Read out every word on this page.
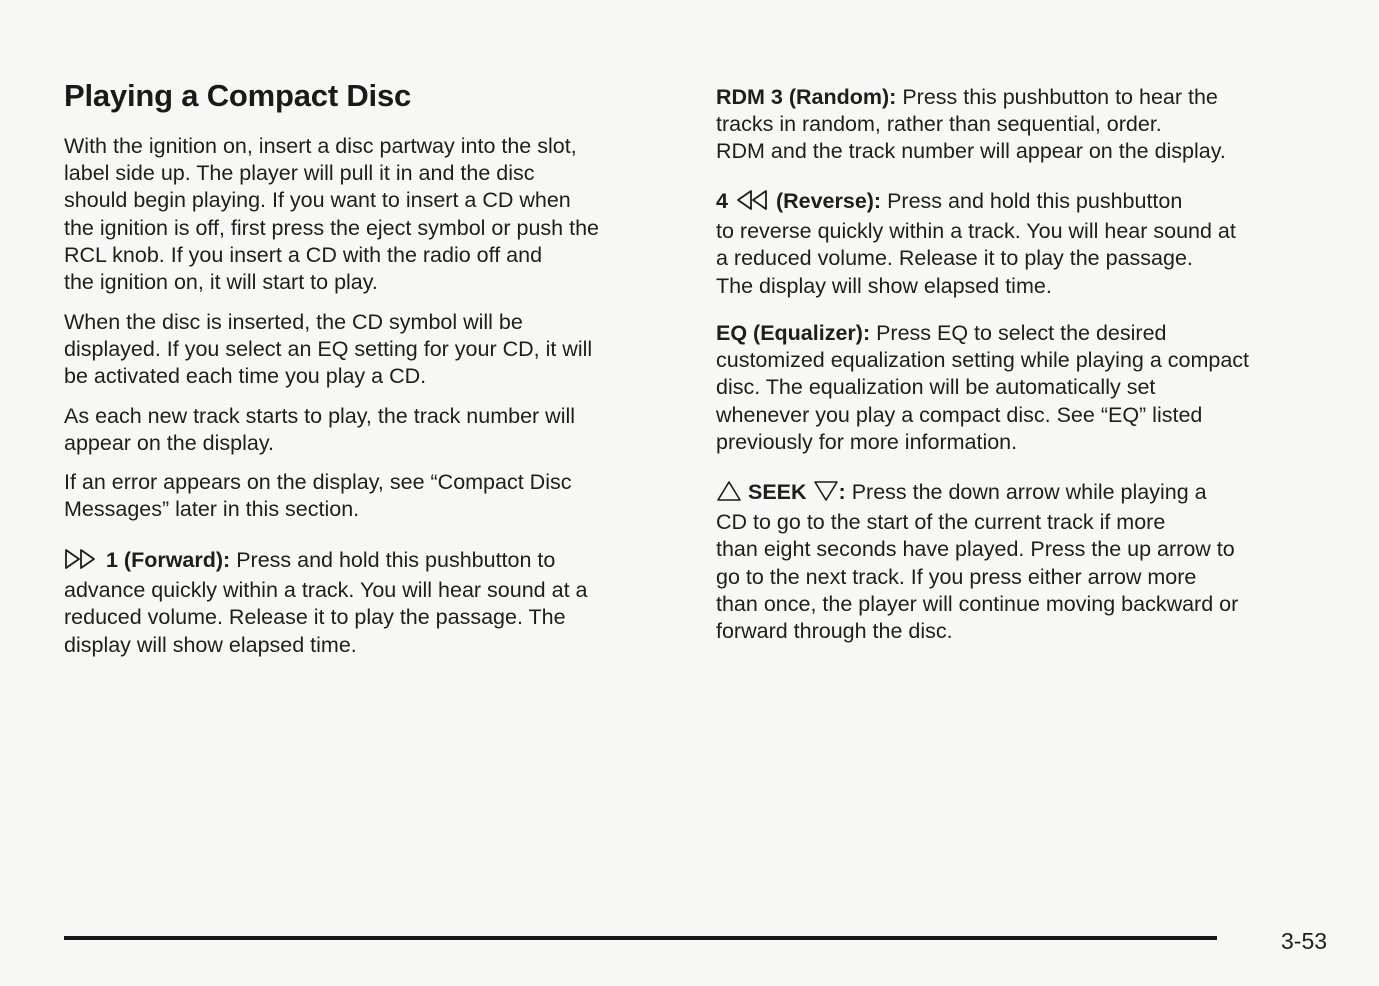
Playing a Compact Disc

With the ignition on, insert a disc partway into the slot,
label side up. The player will pull it in and the disc
should begin playing. If you want to insert a CD when
the ignition is off, first press the eject symbol or push the
RCL knob. If you insert a CD with the radio off and
the ignition on, it will start to play.

When the disc is inserted, the CD symbol will be
displayed. If you select an EQ setting for your CD, it will
be activated each time you play a CD.

As each new track starts to play, the track number will
appear on the display.

If an error appears on the display, see “Compact Disc
Messages” later in this section.

1 (Forward): Press and hold this pushbutton to
advance quickly within a track. You will hear sound at a
reduced volume. Release it to play the passage. The
display will show elapsed time.

RDM 3 (Random): Press this pushbutton to hear the
tracks in random, rather than sequential, order.
RDM and the track number will appear on the display.

4 (Reverse): Press and hold this pushbutton
to reverse quickly within a track. You will hear sound at
a reduced volume. Release it to play the passage.
The display will show elapsed time.

EQ (Equalizer): Press EQ to select the desired
customized equalization setting while playing a compact
disc. The equalization will be automatically set
whenever you play a compact disc. See “EQ” listed
previously for more information.

SEEK : Press the down arrow while playing a
CD to go to the start of the current track if more
than eight seconds have played. Press the up arrow to
go to the next track. If you press either arrow more
than once, the player will continue moving backward or
forward through the disc.

3-53
